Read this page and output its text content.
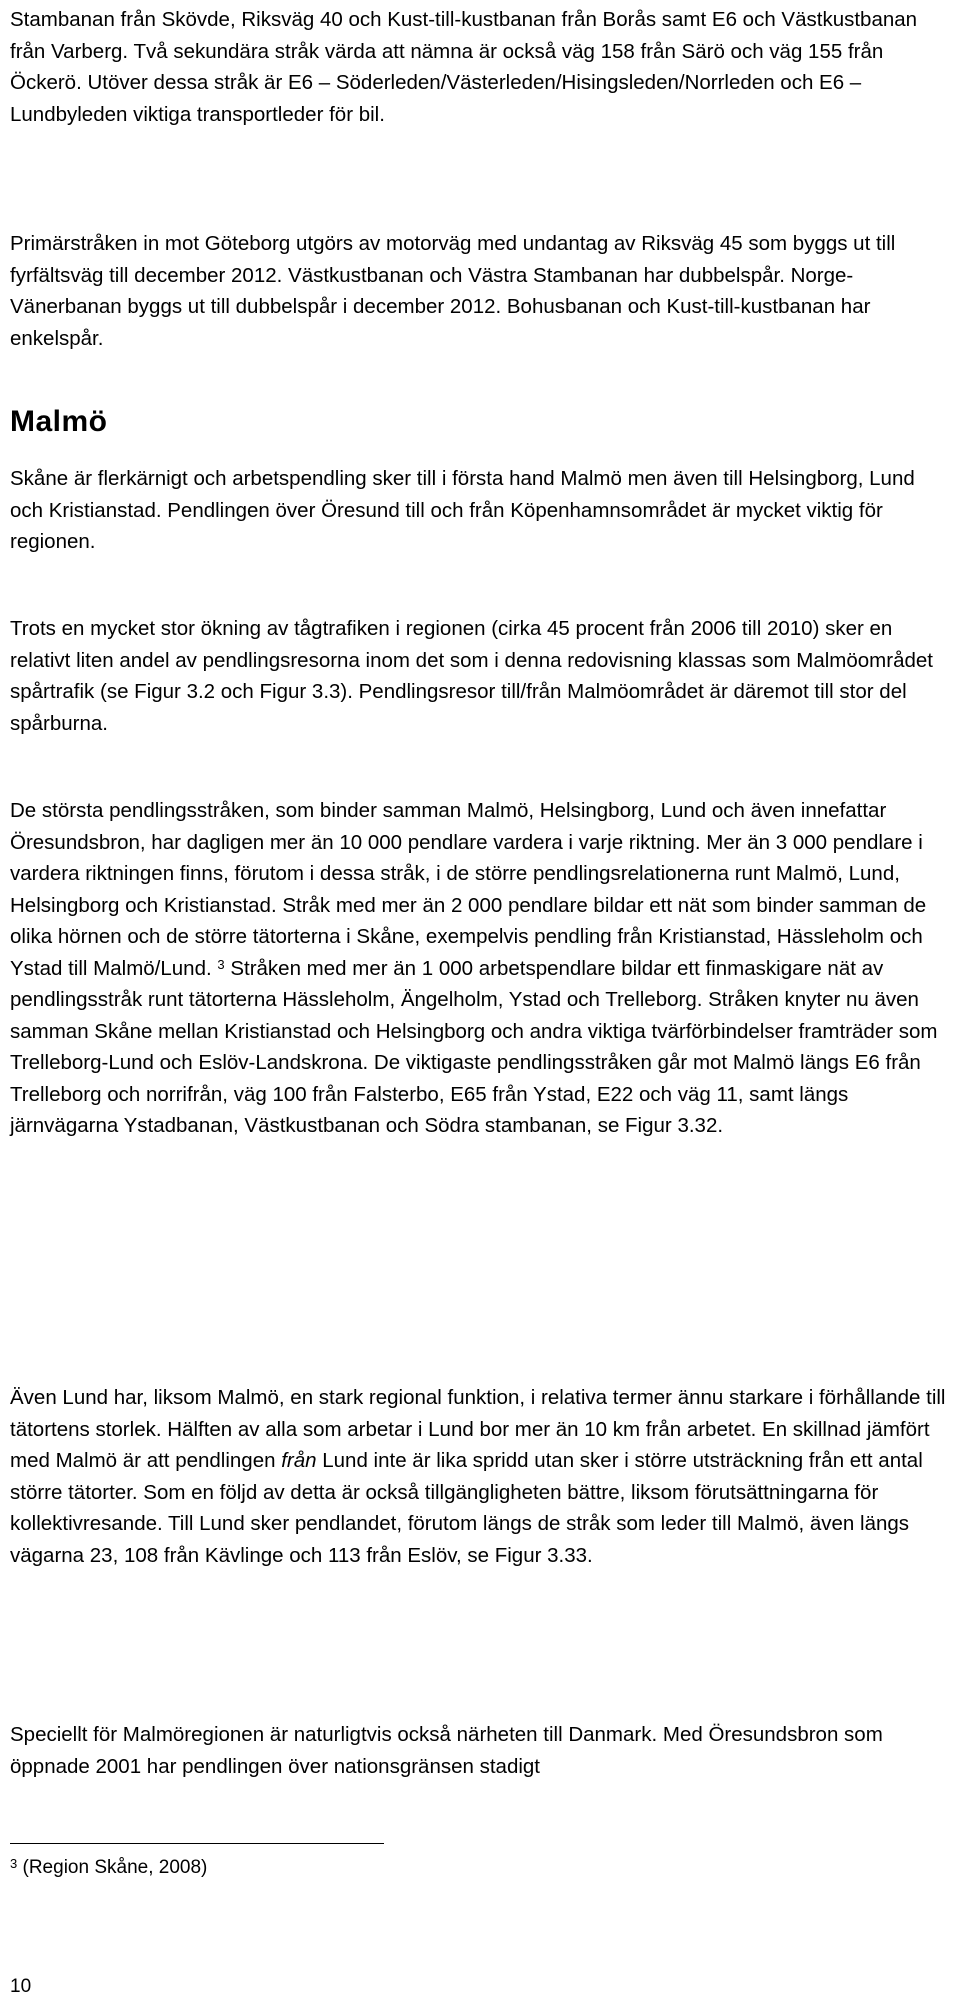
Stambanan från Skövde, Riksväg 40 och Kust-till-kustbanan från Borås samt E6 och Västkustbanan från Varberg. Två sekundära stråk värda att nämna är också väg 158 från Särö och väg 155 från Öckerö. Utöver dessa stråk är E6 – Söderleden/Västerleden/Hisingsleden/Norrleden och E6 – Lundbyleden viktiga transportleder för bil.

Primärstråken in mot Göteborg utgörs av motorväg med undantag av Riksväg 45 som byggs ut till fyrfältsväg till december 2012. Västkustbanan och Västra Stambanan har dubbelspår. Norge-Vänerbanan byggs ut till dubbelspår i december 2012. Bohusbanan och Kust-till-kustbanan har enkelspår.

Malmö

Skåne är flerkärnigt och arbetspendling sker till i första hand Malmö men även till Helsingborg, Lund och Kristianstad. Pendlingen över Öresund till och från Köpenhamnsområdet är mycket viktig för regionen.

Trots en mycket stor ökning av tågtrafiken i regionen (cirka 45 procent från 2006 till 2010) sker en relativt liten andel av pendlingsresorna inom det som i denna redovisning klassas som Malmöområdet spårtrafik (se Figur 3.2 och Figur 3.3). Pendlingsresor till/från Malmöområdet är däremot till stor del spårburna.

De största pendlingsstråken, som binder samman Malmö, Helsingborg, Lund och även innefattar Öresundsbron, har dagligen mer än 10 000 pendlare vardera i varje riktning. Mer än 3 000 pendlare i vardera riktningen finns, förutom i dessa stråk, i de större pendlingsrelationerna runt Malmö, Lund, Helsingborg och Kristianstad. Stråk med mer än 2 000 pendlare bildar ett nät som binder samman de olika hörnen och de större tätorterna i Skåne, exempelvis pendling från Kristianstad, Hässleholm och Ystad till Malmö/Lund. $^3$ Stråken med mer än 1 000 arbetspendlare bildar ett finmaskigare nät av pendlingsstråk runt tätorterna Hässleholm, Ängelholm, Ystad och Trelleborg. Stråken knyter nu även samman Skåne mellan Kristianstad och Helsingborg och andra viktiga tvärförbindelser framträder som Trelleborg-Lund och Eslöv-Landskrona. De viktigaste pendlingsstråken går mot Malmö längs E6 från Trelleborg och norrifrån, väg 100 från Falsterbo, E65 från Ystad, E22 och väg 11, samt längs järnvägarna Ystadbanan, Västkustbanan och Södra stambanan, se Figur 3.32.

Även Lund har, liksom Malmö, en stark regional funktion, i relativa termer ännu starkare i förhållande till tätortens storlek. Hälften av alla som arbetar i Lund bor mer än 10 km från arbetet. En skillnad jämfört med Malmö är att pendlingen från Lund inte är lika spridd utan sker i större utsträckning från ett antal större tätorter. Som en följd av detta är också tillgängligheten bättre, liksom förutsättningarna för kollektivresande. Till Lund sker pendlandet, förutom längs de stråk som leder till Malmö, även längs vägarna 23, 108 från Kävlinge och 113 från Eslöv, se Figur 3.33.

Speciellt för Malmöregionen är naturligtvis också närheten till Danmark. Med Öresundsbron som öppnade 2001 har pendlingen över nationsgränsen stadigt

$^3$ (Region Skåne, 2008)
10
